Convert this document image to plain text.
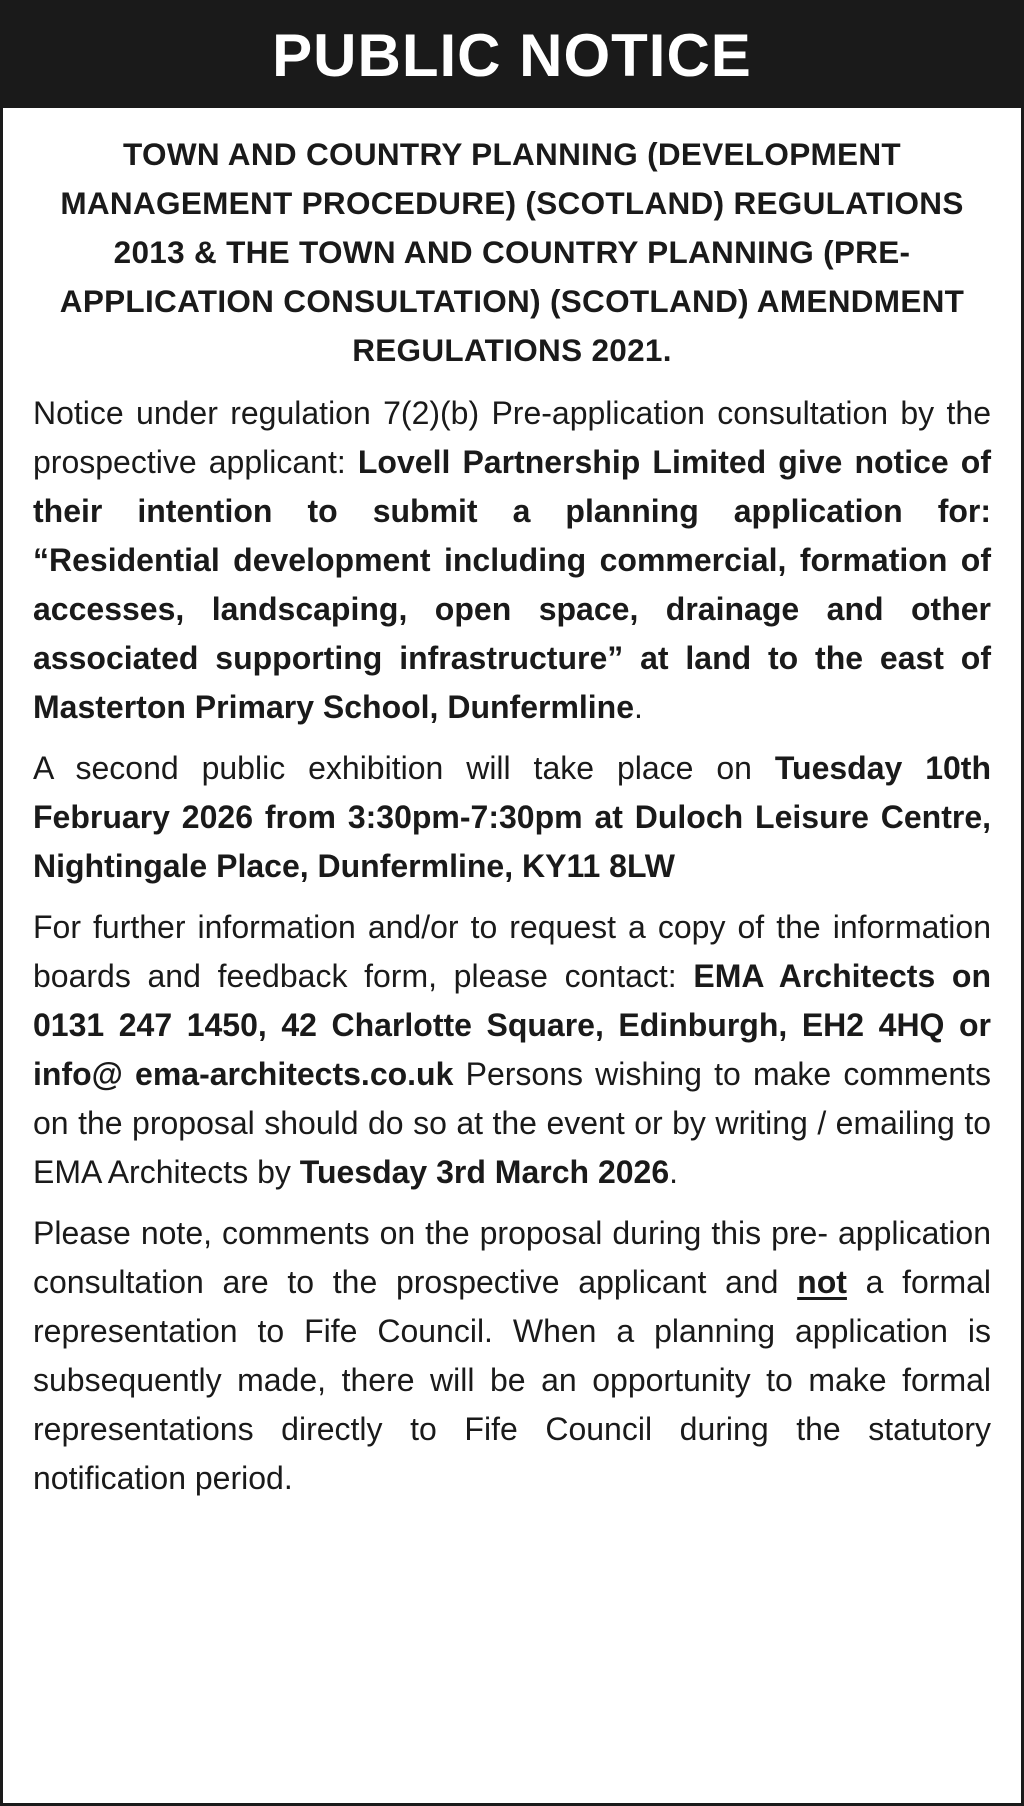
PUBLIC NOTICE
TOWN AND COUNTRY PLANNING (DEVELOPMENT MANAGEMENT PROCEDURE) (SCOTLAND) REGULATIONS 2013 & THE TOWN AND COUNTRY PLANNING (PRE-APPLICATION CONSULTATION) (SCOTLAND) AMENDMENT REGULATIONS 2021.

Notice under regulation 7(2)(b) Pre-application consultation by the prospective applicant: Lovell Partnership Limited give notice of their intention to submit a planning application for: “Residential development including commercial, formation of accesses, landscaping, open space, drainage and other associated supporting infrastructure” at land to the east of Masterton Primary School, Dunfermline.

A second public exhibition will take place on Tuesday 10th February 2026 from 3:30pm-7:30pm at Duloch Leisure Centre, Nightingale Place, Dunfermline, KY11 8LW

For further information and/or to request a copy of the information boards and feedback form, please contact: EMA Architects on 0131 247 1450, 42 Charlotte Square, Edinburgh, EH2 4HQ or info@ ema-architects.co.uk Persons wishing to make comments on the proposal should do so at the event or by writing / emailing to EMA Architects by Tuesday 3rd March 2026.

Please note, comments on the proposal during this pre- application consultation are to the prospective applicant and not a formal representation to Fife Council. When a planning application is subsequently made, there will be an opportunity to make formal representations directly to Fife Council during the statutory notification period.
